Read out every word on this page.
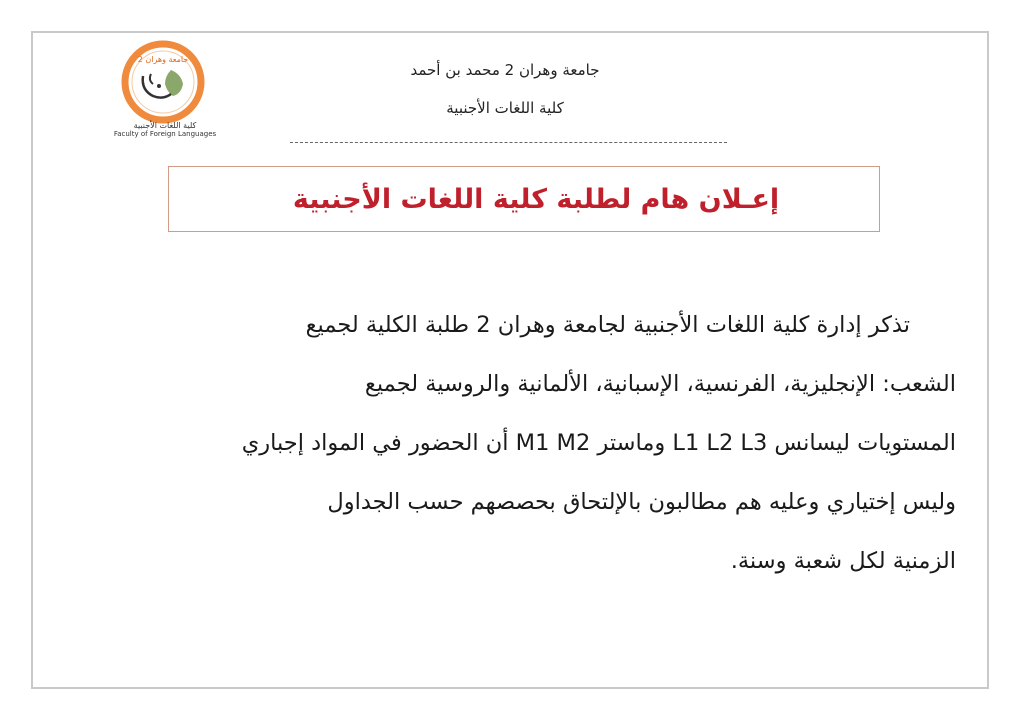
جامعة وهران 2
كلية اللغات الأجنبية
Faculty of Foreign Languages
جامعة وهران 2 محمد بن أحمد
كلية اللغات الأجنبية
إعـلان هام لطلبة كلية اللغات الأجنبية
تذكر إدارة كلية اللغات الأجنبية لجامعة وهران 2 طلبة الكلية لجميع
الشعب: الإنجليزية، الفرنسية، الإسبانية، الألمانية والروسية لجميع
المستويات ليسانس L1 L2 L3 وماستر M1 M2 أن الحضور في المواد إجباري
وليس إختياري وعليه هم مطالبون بالإلتحاق بحصصهم حسب الجداول
الزمنية لكل شعبة وسنة.
